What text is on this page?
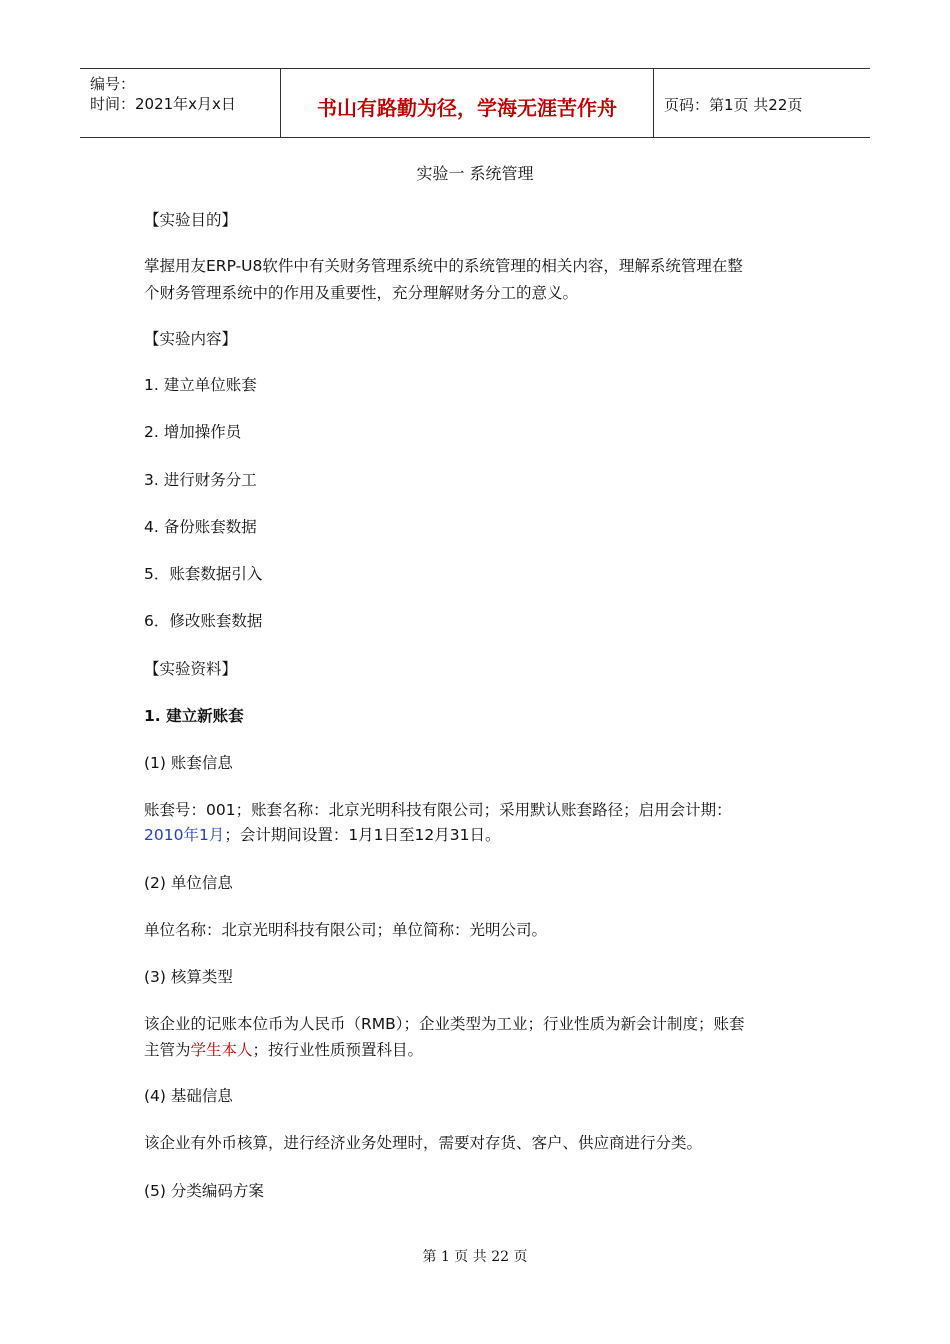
编号：
时间：2021年x月x日	书山有路勤为径，学海无涯苦作舟	页码：第1页 共22页
实验一 系统管理
【实验目的】
掌握用友ERP-U8软件中有关财务管理系统中的系统管理的相关内容，理解系统管理在整
个财务管理系统中的作用及重要性，充分理解财务分工的意义。
【实验内容】
1. 建立单位账套
2. 增加操作员
3. 进行财务分工
4. 备份账套数据
5．账套数据引入
6．修改账套数据
【实验资料】
1. 建立新账套
(1) 账套信息
账套号：001；账套名称：北京光明科技有限公司；采用默认账套路径；启用会计期：
2010年1月；会计期间设置：1月1日至12月31日。
(2) 单位信息
单位名称：北京光明科技有限公司；单位简称：光明公司。
(3) 核算类型
该企业的记账本位币为人民币（RMB）；企业类型为工业；行业性质为新会计制度；账套
主管为学生本人；按行业性质预置科目。
(4) 基础信息
该企业有外币核算，进行经济业务处理时，需要对存货、客户、供应商进行分类。
(5) 分类编码方案
第 1 页 共 22 页
